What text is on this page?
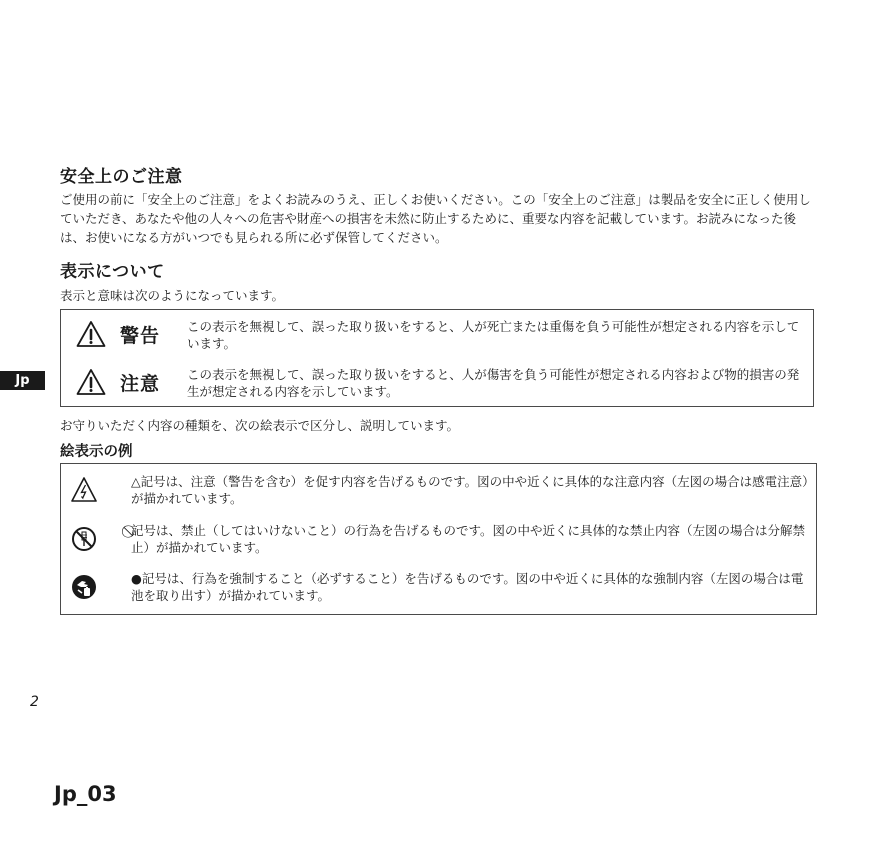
安全上のご注意

ご使用の前に「安全上のご注意」をよくお読みのうえ、正しくお使いください。この「安全上のご注意」は製品を安全に正しく使用していただき、あなたや他の人々への危害や財産への損害を未然に防止するために、重要な内容を記載しています。お読みになった後は、お使いになる方がいつでも見られる所に必ず保管してください。

表示について

表示と意味は次のようになっています。

警告 この表示を無視して、誤った取り扱いをすると、人が死亡または重傷を負う可能性が想定される内容を示しています。
注意 この表示を無視して、誤った取り扱いをすると、人が傷害を負う可能性が想定される内容および物的損害の発生が想定される内容を示しています。
Jp

お守りいただく内容の種類を、次の絵表示で区分し、説明しています。

絵表示の例
△記号は、注意（警告を含む）を促す内容を告げるものです。図の中や近くに具体的な注意内容（左図の場合は感電注意）が描かれています。
⃠記号は、禁止（してはいけないこと）の行為を告げるものです。図の中や近くに具体的な禁止内容（左図の場合は分解禁止）が描かれています。
●記号は、行為を強制すること（必ずすること）を告げるものです。図の中や近くに具体的な強制内容（左図の場合は電池を取り出す）が描かれています。

2

Jp_03
